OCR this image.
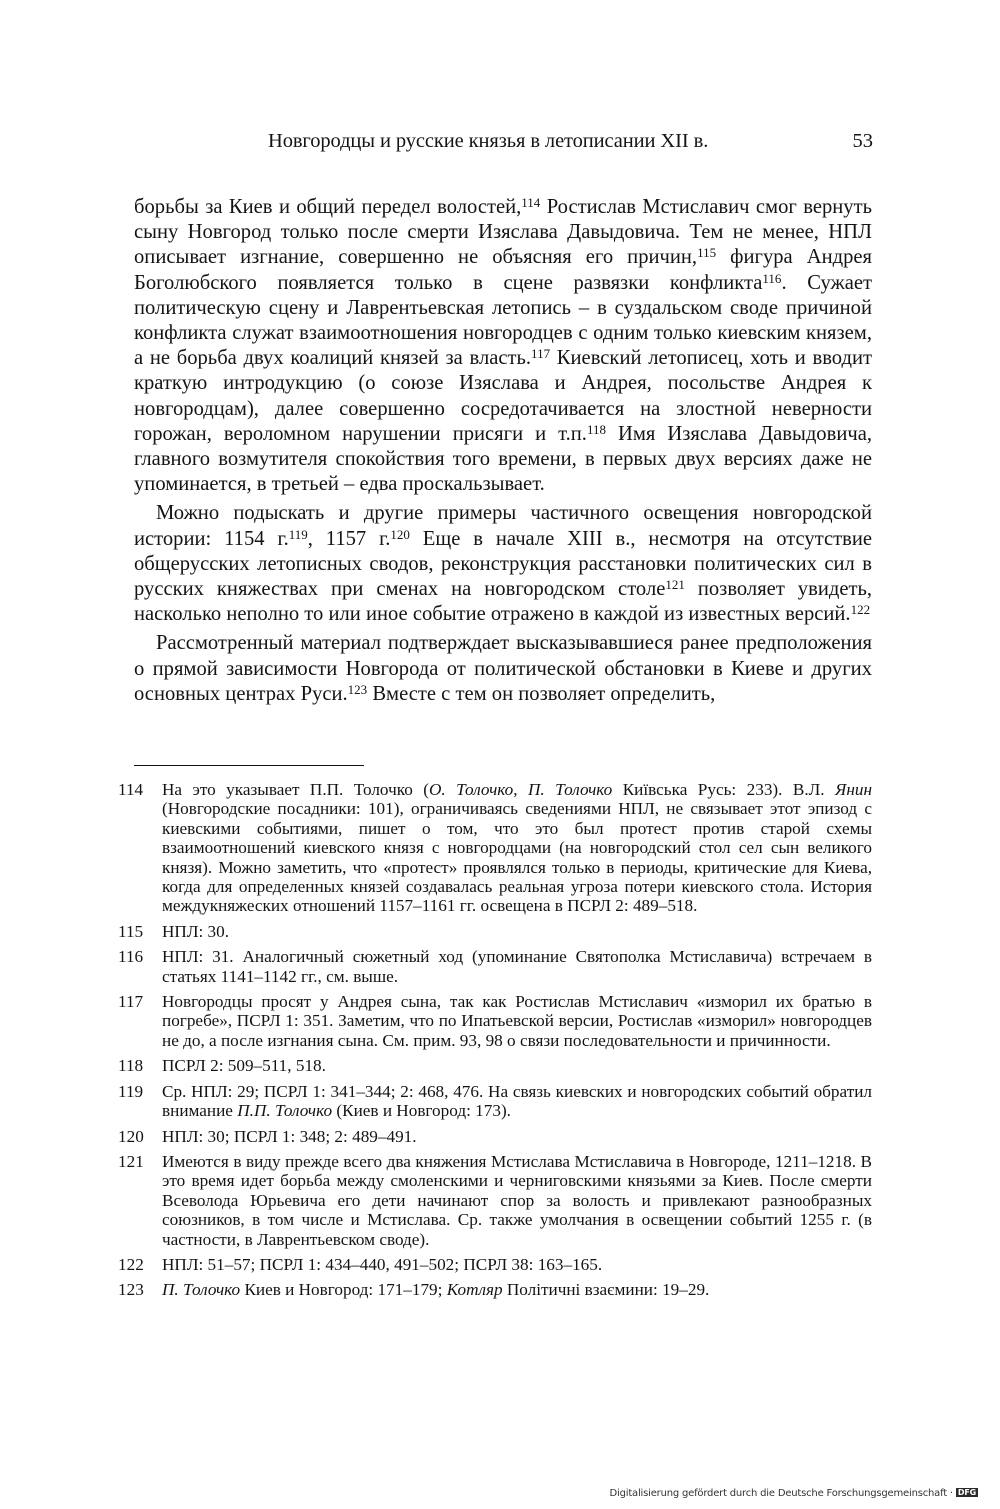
Новгородцы и русские князья в летописании XII в.	53

борьбы за Киев и общий передел волостей,$^{114}$ Ростислав Мстиславич смог вернуть сыну Новгород только после смерти Изяслава Давыдовича. Тем не менее, НПЛ описывает изгнание, совершенно не объясняя его причин,$^{115}$ фигура Андрея Боголюбского появляется только в сцене развязки конфликта$^{116}$. Сужает политическую сцену и Лаврентьевская летопись – в суздальском своде причиной конфликта служат взаимоотношения новгородцев с одним только киевским князем, а не борьба двух коалиций князей за власть.$^{117}$ Киевский летописец, хоть и вводит краткую интродукцию (о союзе Изяслава и Андрея, посольстве Андрея к новгородцам), далее совершенно сосредотачивается на злостной неверности горожан, вероломном нарушении присяги и т.п.$^{118}$ Имя Изяслава Давыдовича, главного возмутителя спокойствия того времени, в первых двух версиях даже не упоминается, в третьей – едва проскальзывает.

Можно подыскать и другие примеры частичного освещения новгородской истории: 1154 г.$^{119}$, 1157 г.$^{120}$ Еще в начале XIII в., несмотря на отсутствие общерусских летописных сводов, реконструкция расстановки политических сил в русских княжествах при сменах на новгородском столе$^{121}$ позволяет увидеть, насколько неполно то или иное событие отражено в каждой из известных версий.$^{122}$

Рассмотренный материал подтверждает высказывавшиеся ранее предположения о прямой зависимости Новгорода от политической обстановки в Киеве и других основных центрах Руси.$^{123}$ Вместе с тем он позволяет определить,

114 На это указывает П.П. Толочко (О. Толочко, П. Толочко Київська Русь: 233). В.Л. Янин (Новгородские посадники: 101), ограничиваясь сведениями НПЛ, не связывает этот эпизод с киевскими событиями, пишет о том, что это был протест против старой схемы взаимоотношений киевского князя с новгородцами (на новгородский стол сел сын великого князя). Можно заметить, что «протест» проявлялся только в периоды, критические для Киева, когда для определенных князей создавалась реальная угроза потери киевского стола. История междукняжеских отношений 1157–1161 гг. освещена в ПСРЛ 2: 489–518.
115 НПЛ: 30.
116 НПЛ: 31. Аналогичный сюжетный ход (упоминание Святополка Мстиславича) встречаем в статьях 1141–1142 гг., см. выше.
117 Новгородцы просят у Андрея сына, так как Ростислав Мстиславич «изморил их братью в погребе», ПСРЛ 1: 351. Заметим, что по Ипатьевской версии, Ростислав «изморил» новгородцев не до, а после изгнания сына. См. прим. 93, 98 о связи последовательности и причинности.
118 ПСРЛ 2: 509–511, 518.
119 Ср. НПЛ: 29; ПСРЛ 1: 341–344; 2: 468, 476. На связь киевских и новгородских событий обратил внимание П.П. Толочко (Киев и Новгород: 173).
120 НПЛ: 30; ПСРЛ 1: 348; 2: 489–491.
121 Имеются в виду прежде всего два княжения Мстислава Мстиславича в Новгороде, 1211–1218. В это время идет борьба между смоленскими и черниговскими князьями за Киев. После смерти Всеволода Юрьевича его дети начинают спор за волость и привлекают разнообразных союзников, в том числе и Мстислава. Ср. также умолчания в освещении событий 1255 г. (в частности, в Лаврентьевском своде).
122 НПЛ: 51–57; ПСРЛ 1: 434–440, 491–502; ПСРЛ 38: 163–165.
123 П. Толочко Киев и Новгород: 171–179; Котляр Політичні взаємини: 19–29.
Digitalisierung gefördert durch die Deutsche Forschungsgemeinschaft · DFG
